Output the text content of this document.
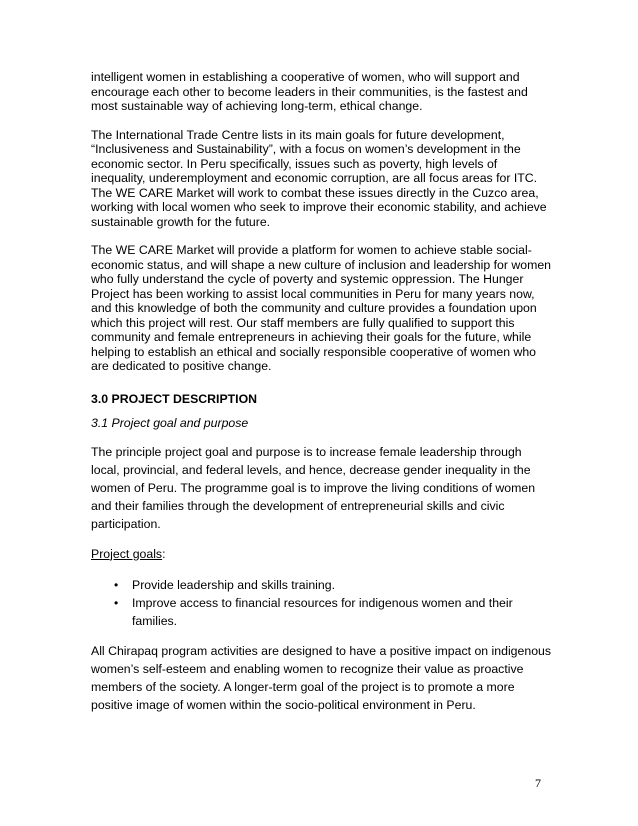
intelligent women in establishing a cooperative of women, who will support and encourage each other to become leaders in their communities, is the fastest and most sustainable way of achieving long-term, ethical change.

The International Trade Centre lists in its main goals for future development, “Inclusiveness and Sustainability”, with a focus on women’s development in the economic sector. In Peru specifically, issues such as poverty, high levels of inequality, underemployment and economic corruption, are all focus areas for ITC. The WE CARE Market will work to combat these issues directly in the Cuzco area, working with local women who seek to improve their economic stability, and achieve sustainable growth for the future.

The WE CARE Market will provide a platform for women to achieve stable social-economic status, and will shape a new culture of inclusion and leadership for women who fully understand the cycle of poverty and systemic oppression. The Hunger Project has been working to assist local communities in Peru for many years now, and this knowledge of both the community and culture provides a foundation upon which this project will rest. Our staff members are fully qualified to support this community and female entrepreneurs in achieving their goals for the future, while helping to establish an ethical and socially responsible cooperative of women who are dedicated to positive change.

3.0 PROJECT DESCRIPTION
3.1 Project goal and purpose

The principle project goal and purpose is to increase female leadership through local, provincial, and federal levels, and hence, decrease gender inequality in the women of Peru. The programme goal is to improve the living conditions of women and their families through the development of entrepreneurial skills and civic participation.

Project goals:
• Provide leadership and skills training.
• Improve access to financial resources for indigenous women and their families.

All Chirapaq program activities are designed to have a positive impact on indigenous women’s self-esteem and enabling women to recognize their value as proactive members of the society. A longer-term goal of the project is to promote a more positive image of women within the socio-political environment in Peru.

7
